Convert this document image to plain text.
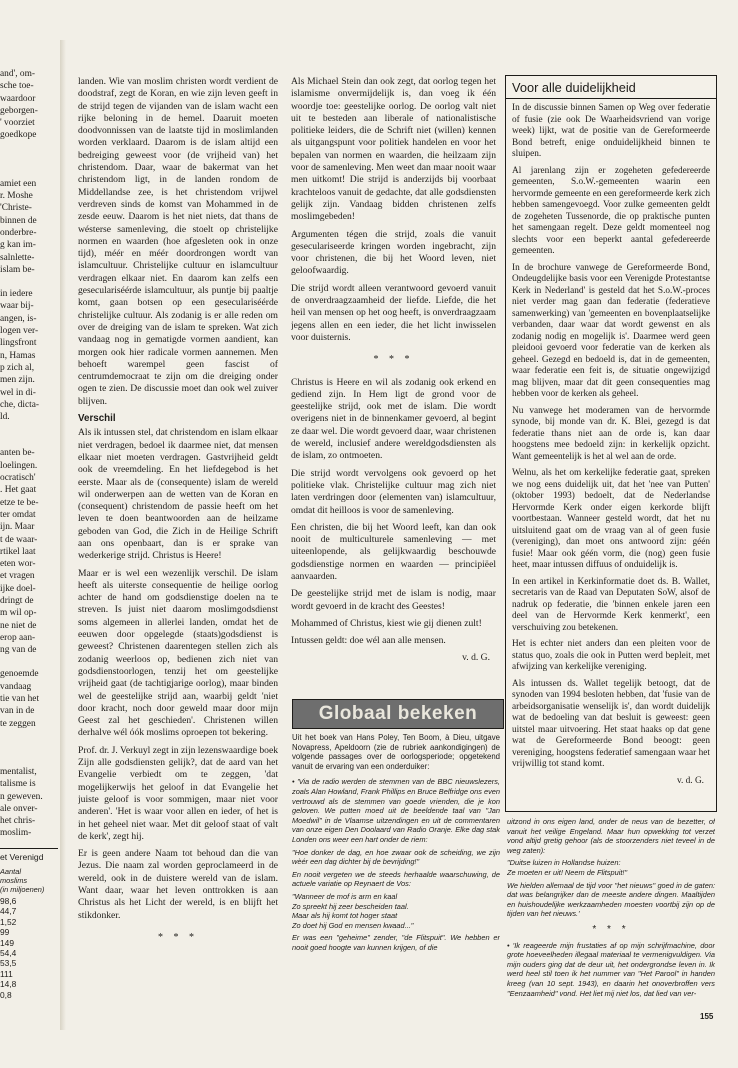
and', om-
sche toe-
waardoor
geborgen-
' voorziet
goedkope
amiet een
r. Moshe
'Christe-
binnen de
onderbre-
g kan im-
salnlette-
islam be-
in iedere
waar bij-
angen, is-
logen ver-
lingsfront
n, Hamas
p zich al,
men zijn.
wel in di-
che, dicta-
ld.
anten be-
loelingen.
ocratisch'
. Het gaat
etze te be-
ter omdat
ijn. Maar
t de waar-
rtikel laat
eten wor-
et vragen
ijke doel-
dringt de
m wil op-
ne niet de
erop aan-
ng van de
genoemde
vandaag
tie van het
van in de
te zeggen
mentalist,
talisme is
n geweven.
ale onver-
het chris-
moslim-
et Verenigd
Aantal
moslims
(in miljoenen)
98,6
44,7
1,52
99
149
54,4
53,5
111
14,8
0,8

landen. Wie van moslim christen wordt verdient de doodstraf, zegt de Koran, en wie zijn leven geeft in de strijd tegen de vijanden van de islam wacht een rijke beloning in de hemel. Daaruit moeten doodvonnissen van de laatste tijd in moslimlanden worden verklaard. Daarom is de islam altijd een bedreiging geweest voor (de vrijheid van) het christendom. Daar, waar de bakermat van het christendom ligt, in de landen rondom de Middellandse zee, is het christendom vrijwel verdreven sinds de komst van Mohammed in de zesde eeuw. Daarom is het niet niets, dat thans de wésterse samenleving, die stoelt op christelijke normen en waarden (hoe afgesleten ook in onze tijd), méér en méér doordrongen wordt van islamcultuur. Christelijke cultuur en islamcultuur verdragen elkaar niet. En daarom kan zelfs een geseculariséérde islamcultuur, als puntje bij paaltje komt, gaan botsen op een geseculariséérde christelijke cultuur. Als zodanig is er alle reden om over de dreiging van de islam te spreken. Wat zich vandaag nog in gematigde vormen aandient, kan morgen ook hier radicale vormen aannemen. Men behoeft warempel geen fascist of centrumdemocraat te zijn om die dreiging onder ogen te zien. De discussie moet dan ook wel zuiver blijven.

Verschil

Als ik intussen stel, dat christendom en islam elkaar niet verdragen, bedoel ik daarmee niet, dat mensen elkaar niet moeten verdragen. Gastvrijheid geldt ook de vreemdeling. En het liefdegebod is het eerste. Maar als de (consequente) islam de wereld wil onderwerpen aan de wetten van de Koran en (consequent) christendom de passie heeft om het leven te doen beantwoorden aan de heilzame geboden van God, die Zich in de Heilige Schrift aan ons openbaart, dan is er sprake van wederkerige strijd. Christus is Heere!

Maar er is wel een wezenlijk verschil. De islam heeft als uiterste consequentie de heilige oorlog achter de hand om godsdienstige doelen na te streven. Is juist niet daarom moslimgodsdienst soms algemeen in allerlei landen, omdat het de eeuwen door opgelegde (staats)godsdienst is geweest? Christenen daarentegen stellen zich als zodanig weerloos op, bedienen zich niet van godsdienstoorlogen, tenzij het om geestelijke vrijheid gaat (de tachtigjarige oorlog), maar binden wel de geestelijke strijd aan, waarbij geldt 'niet door kracht, noch door geweld maar door mijn Geest zal het geschieden'. Christenen willen derhalve wél óók moslims oproepen tot bekering.

Prof. dr. J. Verkuyl zegt in zijn lezenswaardige boek Zijn alle godsdiensten gelijk?, dat de aard van het Evangelie verbiedt om te zeggen, 'dat mogelijkerwijs het geloof in dat Evangelie het juiste geloof is voor sommigen, maar niet voor anderen'. 'Het is waar voor allen en ieder, of het is in het geheel niet waar. Met dit geloof staat of valt de kerk', zegt hij.

Er is geen andere Naam tot behoud dan die van Jezus. Die naam zal worden geproclameerd in de wereld, ook in de duistere wereld van de islam. Want daar, waar het leven onttrokken is aan Christus als het Licht der wereld, is en blijft het stikdonker.

* * *

Als Michael Stein dan ook zegt, dat oorlog tegen het islamisme onvermijdelijk is, dan voeg ik één woordje toe: geestelijke oorlog. De oorlog valt niet uit te besteden aan liberale of nationalistische politieke leiders, die de Schrift niet (willen) kennen als uitgangspunt voor politiek handelen en voor het bepalen van normen en waarden, die heilzaam zijn voor de samenleving. Men weet dan maar nooit waar men uitkomt! Die strijd is anderzijds bij voorbaat krachteloos vanuit de gedachte, dat alle godsdiensten gelijk zijn. Vandaag bidden christenen zelfs moslimgebeden!

Argumenten tégen die strijd, zoals die vanuit geseculariseerde kringen worden ingebracht, zijn voor christenen, die bij het Woord leven, niet geloofwaardig.

Die strijd wordt alleen verantwoord gevoerd vanuit de onverdraagzaamheid der liefde. Liefde, die het heil van mensen op het oog heeft, is onverdraagzaam jegens allen en een ieder, die het licht inwisselen voor duisternis.

* * *

Christus is Heere en wil als zodanig ook erkend en gediend zijn. In Hem ligt de grond voor de geestelijke strijd, ook met de islam. Die wordt overigens niet in de binnenkamer gevoerd, al begint ze daar wel. Die wordt gevoerd daar, waar christenen de wereld, inclusief andere wereldgodsdiensten als de islam, zo ontmoeten.

Die strijd wordt vervolgens ook gevoerd op het politieke vlak. Christelijke cultuur mag zich niet laten verdringen door (elementen van) islamcultuur, omdat dit heilloos is voor de samenleving.

Een christen, die bij het Woord leeft, kan dan ook nooit de multiculturele samenleving — met uiteenlopende, als gelijkwaardig beschouwde godsdienstige normen en waarden — principiëel aanvaarden.

De geestelijke strijd met de islam is nodig, maar wordt gevoerd in de kracht des Geestes!

Mohammed of Christus, kiest wie gij dienen zult!

Intussen geldt: doe wél aan alle mensen.

v. d. G.
Voor alle duidelijkheid

In de discussie binnen Samen op Weg over federatie of fusie (zie ook De Waarheidsvriend van vorige week) lijkt, wat de positie van de Gereformeerde Bond betreft, enige onduidelijkheid binnen te sluipen.

Al jarenlang zijn er zogeheten gefedereerde gemeenten, S.o.W.-gemeenten waarin een hervormde gemeente en een gereformeerde kerk zich hebben samengevoegd. Voor zulke gemeenten geldt de zogeheten Tussenorde, die op praktische punten het samengaan regelt. Deze geldt momenteel nog slechts voor een beperkt aantal gefedereerde gemeenten.

In de brochure vanwege de Gereformeerde Bond, Ondeugdelijke basis voor een Verenigde Protestantse Kerk in Nederland' is gesteld dat het S.o.W.-proces niet verder mag gaan dan federatie (federatieve samenwerking) van 'gemeenten en bovenplaatselijke verbanden, daar waar dat wordt gewenst en als zodanig nodig en mogelijk is'. Daarmee werd geen pleidooi gevoerd voor federatie van de kerken als geheel. Gezegd en bedoeld is, dat in de gemeenten, waar federatie een feit is, de situatie ongewijzigd mag blijven, maar dat dit geen consequenties mag hebben voor de kerken als geheel.

Nu vanwege het moderamen van de hervormde synode, bij monde van dr. K. Blei, gezegd is dat federatie thans niet aan de orde is, kan daar hoogstens mee bedoeld zijn: in kerkelijk opzicht. Want gemeentelijk is het al wel aan de orde.

Welnu, als het om kerkelijke federatie gaat, spreken we nog eens duidelijk uit, dat het 'nee van Putten' (oktober 1993) bedoelt, dat de Nederlandse Hervormde Kerk onder eigen kerkorde blijft voortbestaan. Wanneer gesteld wordt, dat het nu uitsluitend gaat om de vraag van al of geen fusie (vereniging), dan moet ons antwoord zijn: géén fusie! Maar ook géén vorm, die (nog) geen fusie heet, maar intussen diffuus of onduidelijk is.

In een artikel in Kerkinformatie doet ds. B. Wallet, secretaris van de Raad van Deputaten SoW, alsof de nadruk op federatie, die 'binnen enkele jaren een deel van de Hervormde Kerk kenmerkt', een verschuiving zou betekenen.

Het is echter niet anders dan een pleiten voor de status quo, zoals die ook in Putten werd bepleit, met afwijzing van kerkelijke vereniging.

Als intussen ds. Wallet tegelijk betoogt, dat de synoden van 1994 besloten hebben, dat 'fusie van de arbeidsorganisatie wenselijk is', dan wordt duidelijk wat de bedoeling van dat besluit is geweest: geen uitstel maar uitvoering. Het staat haaks op dat gene wat de Gereformeerde Bond beoogt: geen vereniging, hoogstens federatief samengaan waar het vrijwillig tot stand komt.

v. d. G.
Globaal bekeken
Uit het boek van Hans Poley, Ten Boom, à Dieu, uitgave Novapress, Apeldoorn (zie de rubriek aankondigingen) de volgende passages over de oorlogsperiode; opgetekend vanuit de ervaring van een onderduiker:

• 'Via de radio werden de stemmen van de BBC nieuwslezers, zoals Alan Howland, Frank Phillips en Bruce Belfridge ons even vertrouwd als de stemmen van goede vrienden, die je kon geloven. We putten moed uit de beeldende taal van "Jan Moedwil" in de Vlaamse uitzendingen en uit de commentaren van onze eigen Den Doolaard van Radio Oranje. Elke dag stak Londen ons weer een hart onder de riem:

"Hoe donker de dag, en hoe zwaar ook de scheiding, we zijn wèér een dag dichter bij de bevrijding!"

En nooit vergeten we de steeds herhaalde waarschuwing, de actuele variatie op Reynaert de Vos:

"Wanneer de mof is arm en kaal

Zo spreekt hij zeer bescheiden taal.

Maar als hij komt tot hoger staat

Zo doet hij God en mensen kwaad..."

Er was een "geheime" zender, "de Flitspuit". We hebben er nooit goed hoogte van kunnen krijgen, of die

uitzond in ons eigen land, onder de neus van de bezetter, of vanuit het veilige Engeland. Maar hun opwekking tot verzet vond altijd gretig gehoor (als de stoorzenders niet teveel in de weg zaten):

"Duitse luizen in Hollandse huizen:

Ze moeten er uit! Neem de Flitspuit!"

We hielden allemaal de tijd voor "het nieuws" goed in de gaten: dat was belangrijker dan de meeste andere dingen. Maaltijden en huishoudelijke werkzaamheden moesten voortbij zijn op de tijden van het nieuws.'

* * *

• 'Ik reageerde mijn frustaties af op mijn schrijfmachine, door grote hoeveelheden illegaal materiaal te vermenigvuldigen. Via mijn ouders ging dat de deur uit, het ondergrondse leven in. Ik werd heel stil toen ik het nummer van "Het Parool" in handen kreeg (van 10 sept. 1943), en daarin het onoverbroffen vers "Eenzaamheid" vond. Het liet mij niet los, dat lied van ver-

155
